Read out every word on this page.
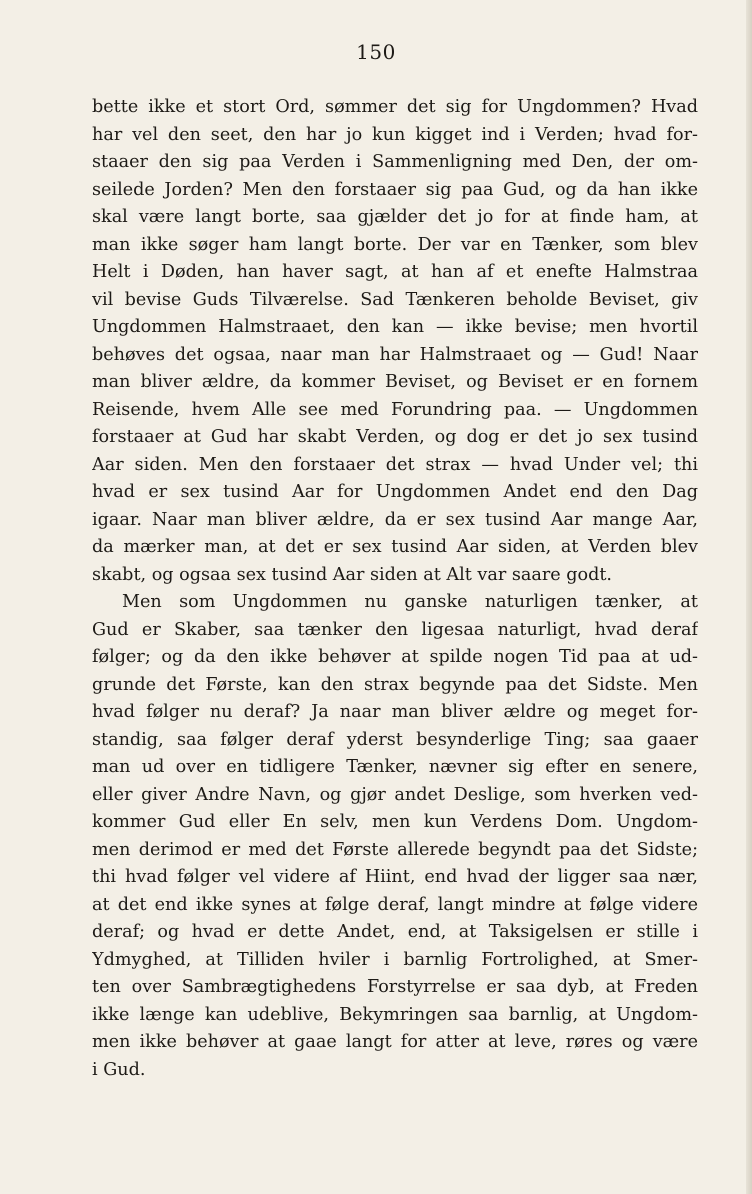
150
bette ikke et stort Ord, sømmer det sig for Ungdommen? Hvad
har vel den seet, den har jo kun kigget ind i Verden; hvad for-
staaer den sig paa Verden i Sammenligning med Den, der om-
seilede Jorden? Men den forstaaer sig paa Gud, og da han ikke
skal være langt borte, saa gjælder det jo for at finde ham, at
man ikke søger ham langt borte. Der var en Tænker, som blev
Helt i Døden, han haver sagt, at han af et enefte Halmstraa
vil bevise Guds Tilværelse. Sad Tænkeren beholde Beviset, giv
Ungdommen Halmstraaet, den kan — ikke bevise; men hvortil
behøves det ogsaa, naar man har Halmstraaet og — Gud! Naar
man bliver ældre, da kommer Beviset, og Beviset er en fornem
Reisende, hvem Alle see med Forundring paa. — Ungdommen
forstaaer at Gud har skabt Verden, og dog er det jo sex tusind
Aar siden. Men den forstaaer det strax — hvad Under vel; thi
hvad er sex tusind Aar for Ungdommen Andet end den Dag
igaar. Naar man bliver ældre, da er sex tusind Aar mange Aar,
da mærker man, at det er sex tusind Aar siden, at Verden blev
skabt, og ogsaa sex tusind Aar siden at Alt var saare godt.
Men som Ungdommen nu ganske naturligen tænker, at
Gud er Skaber, saa tænker den ligesaa naturligt, hvad deraf
følger; og da den ikke behøver at spilde nogen Tid paa at ud-
grunde det Første, kan den strax begynde paa det Sidste. Men
hvad følger nu deraf? Ja naar man bliver ældre og meget for-
standig, saa følger deraf yderst besynderlige Ting; saa gaaer
man ud over en tidligere Tænker, nævner sig efter en senere,
eller giver Andre Navn, og gjør andet Deslige, som hverken ved-
kommer Gud eller En selv, men kun Verdens Dom. Ungdom-
men derimod er med det Første allerede begyndt paa det Sidste;
thi hvad følger vel videre af Hiint, end hvad der ligger saa nær,
at det end ikke synes at følge deraf, langt mindre at følge videre
deraf; og hvad er dette Andet, end, at Taksigelsen er stille i
Ydmyghed, at Tilliden hviler i barnlig Fortrolighed, at Smer-
ten over Sambrægtighedens Forstyrrelse er saa dyb, at Freden
ikke længe kan udeblive, Bekymringen saa barnlig, at Ungdom-
men ikke behøver at gaae langt for atter at leve, røres og være
i Gud.
